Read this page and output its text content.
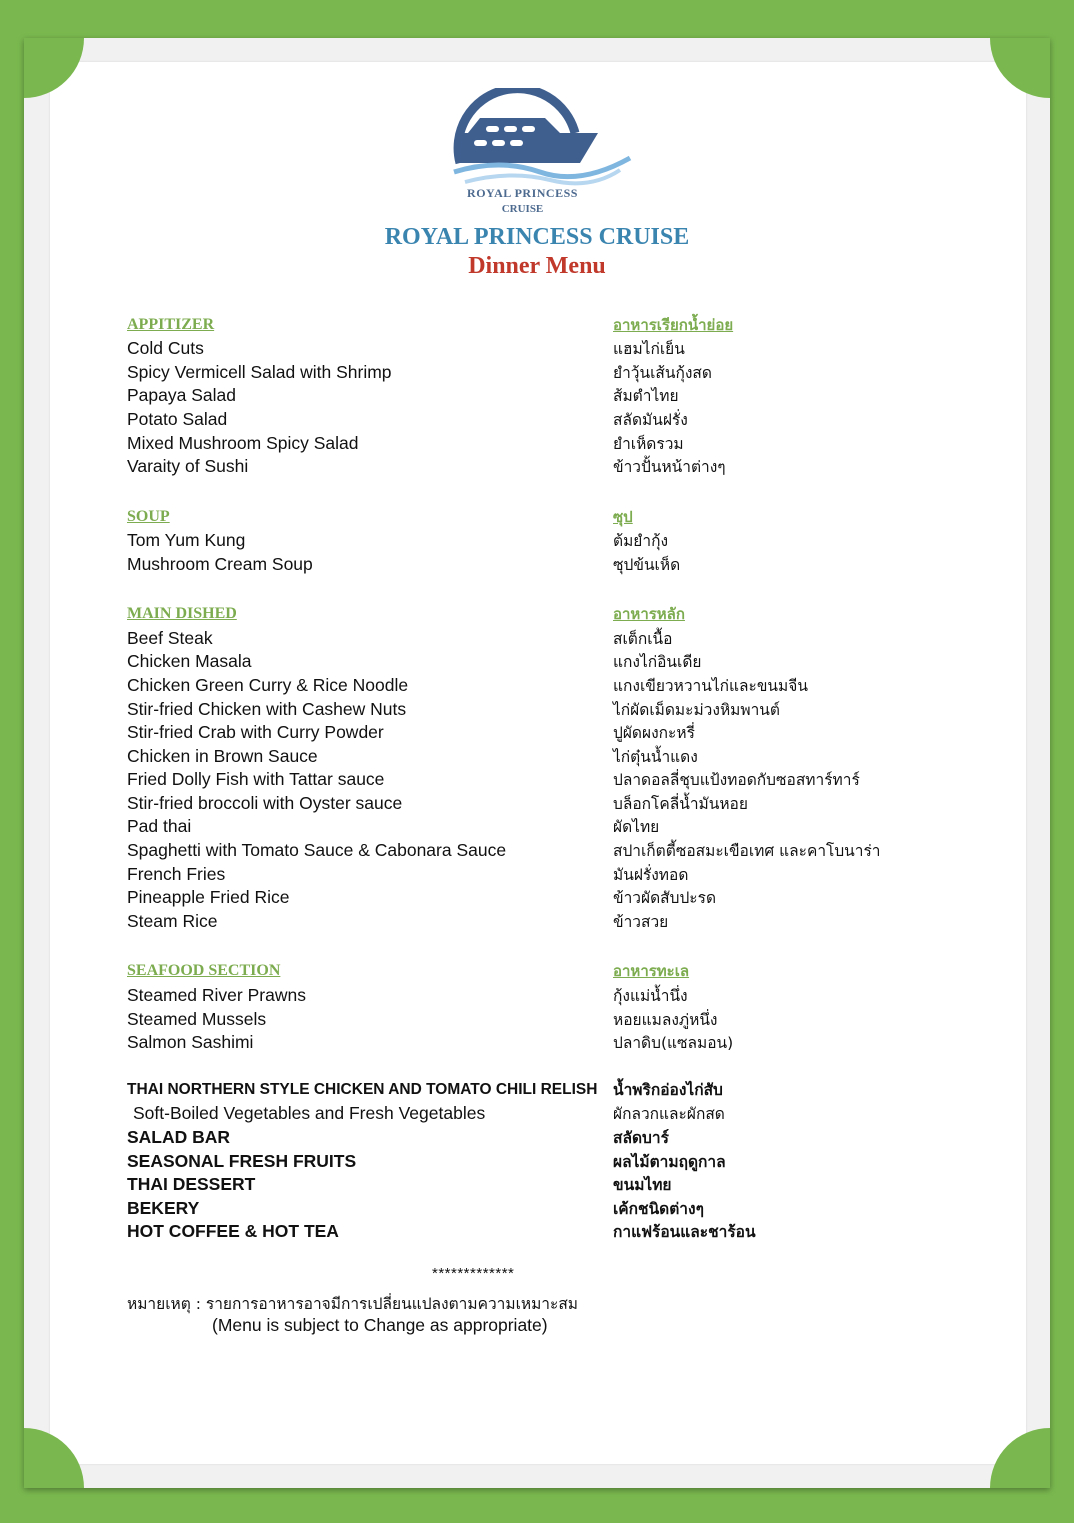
ROYAL PRINCESS
CRUISE
ROYAL PRINCESS CRUISE
Dinner Menu
APPITIZER
Cold Cuts
Spicy Vermicell Salad with Shrimp
Papaya Salad
Potato Salad
Mixed Mushroom Spicy Salad
Varaity of Sushi
SOUP
Tom Yum Kung
Mushroom Cream Soup
MAIN DISHED
Beef Steak
Chicken Masala
Chicken Green Curry & Rice Noodle
Stir-fried Chicken with Cashew Nuts
Stir-fried Crab with Curry Powder
Chicken in Brown Sauce
Fried Dolly Fish with Tattar sauce
Stir-fried broccoli with Oyster sauce
Pad thai
Spaghetti with Tomato Sauce & Cabonara Sauce
French Fries
Pineapple Fried Rice
Steam Rice
SEAFOOD SECTION
Steamed River Prawns
Steamed Mussels
Salmon Sashimi
THAI NORTHERN STYLE CHICKEN AND TOMATO CHILI RELISH
Soft-Boiled Vegetables and Fresh Vegetables
SALAD BAR
SEASONAL FRESH FRUITS
THAI DESSERT
BEKERY
HOT COFFEE & HOT TEA
อาหารเรียกน้ำย่อย
แฮมไก่เย็น
ยำวุ้นเส้นกุ้งสด
ส้มตำไทย
สลัดมันฝรั่ง
ยำเห็ดรวม
ข้าวปั้นหน้าต่างๆ
ซุป
ต้มยำกุ้ง
ซุปข้นเห็ด
อาหารหลัก
สเต็กเนื้อ
แกงไก่อินเดีย
แกงเขียวหวานไก่และขนมจีน
ไก่ผัดเม็ดมะม่วงหิมพานต์
ปูผัดผงกะหรี่
ไก่ตุ๋นน้ำแดง
ปลาดอลลี่ชุบแป้งทอดกับซอสทาร์ทาร์
บล็อกโคลี่น้ำมันหอย
ผัดไทย
สปาเก็ตตี้ซอสมะเขือเทศ และคาโบนาร่า
มันฝรั่งทอด
ข้าวผัดสับปะรด
ข้าวสวย
อาหารทะเล
กุ้งแม่น้ำนึ่ง
หอยแมลงภู่หนึ่ง
ปลาดิบ(แซลมอน)
น้ำพริกอ่องไก่สับ
ผักลวกและผักสด
สลัดบาร์
ผลไม้ตามฤดูกาล
ขนมไทย
เค้กชนิดต่างๆ
กาแฟร้อนและชาร้อน
*************
หมายเหตุ : รายการอาหารอาจมีการเปลี่ยนแปลงตามความเหมาะสม
(Menu is subject to Change as appropriate)
